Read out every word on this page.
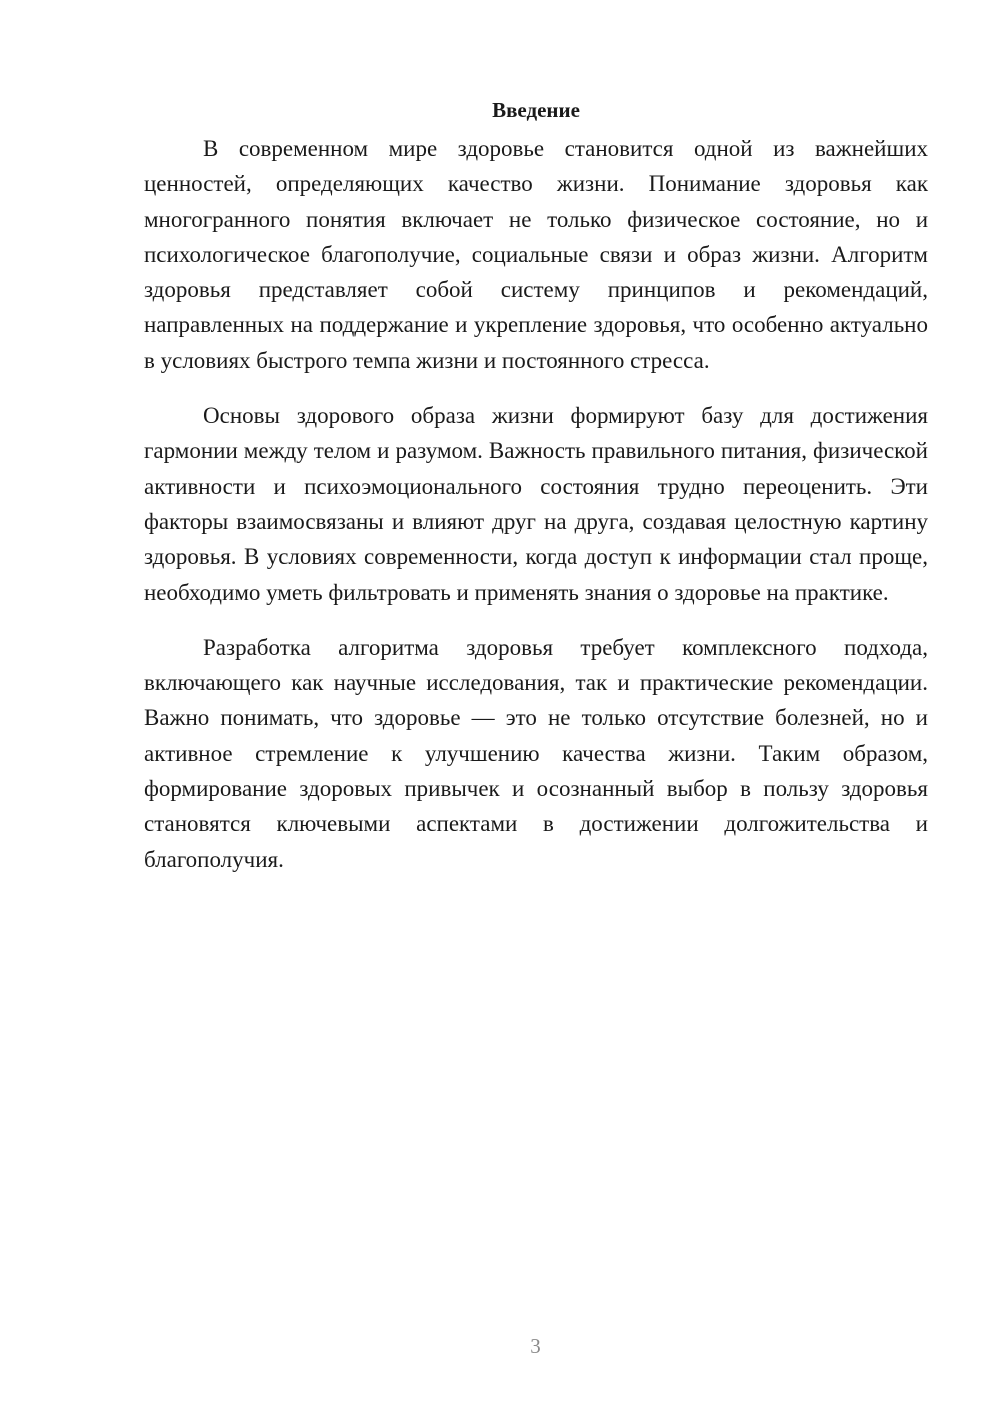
Введение

В современном мире здоровье становится одной из важнейших ценностей, определяющих качество жизни. Понимание здоровья как многогранного понятия включает не только физическое состояние, но и психологическое благополучие, социальные связи и образ жизни. Алгоритм здоровья представляет собой систему принципов и рекомендаций, направленных на поддержание и укрепление здоровья, что особенно актуально в условиях быстрого темпа жизни и постоянного стресса.

Основы здорового образа жизни формируют базу для достижения гармонии между телом и разумом. Важность правильного питания, физической активности и психоэмоционального состояния трудно переоценить. Эти факторы взаимосвязаны и влияют друг на друга, создавая целостную картину здоровья. В условиях современности, когда доступ к информации стал проще, необходимо уметь фильтровать и применять знания о здоровье на практике.

Разработка алгоритма здоровья требует комплексного подхода, включающего как научные исследования, так и практические рекомендации. Важно понимать, что здоровье — это не только отсутствие болезней, но и активное стремление к улучшению качества жизни. Таким образом, формирование здоровых привычек и осознанный выбор в пользу здоровья становятся ключевыми аспектами в достижении долгожительства и благополучия.

3
